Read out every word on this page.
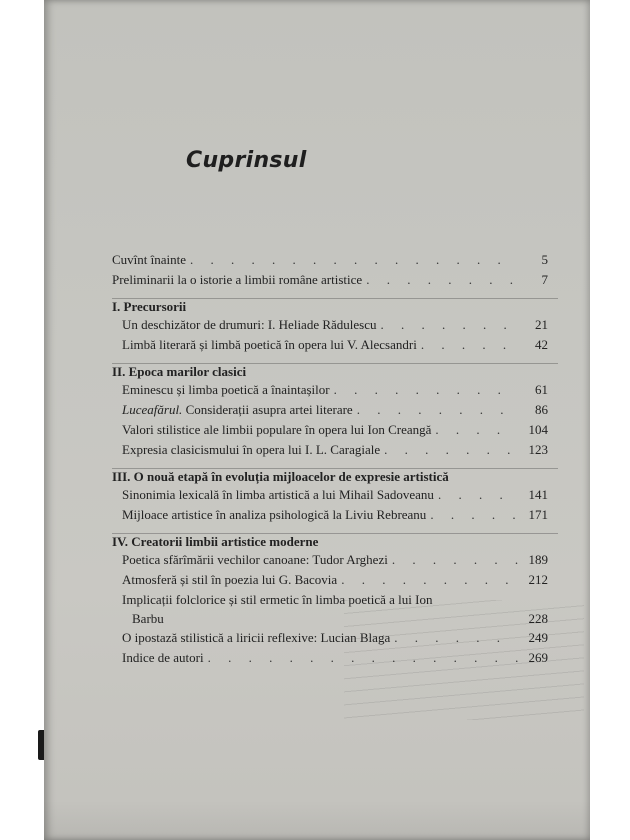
Cuprinsul
Cuvînt înainte . . .	5
Preliminarii la o istorie a limbii române artistice . . .	7
I. Precursorii
Un deschizător de drumuri: I. Heliade Rădulescu . . .	21
Limbă literară și limbă poetică în opera lui V. Alecsandri . . .	42
II. Epoca marilor clasici
Eminescu și limba poetică a înaintașilor . . .	61
Luceafărul. Considerații asupra artei literare . . .	86
Valori stilistice ale limbii populare în opera lui Ion Creangă . . .	104
Expresia clasicismului în opera lui I. L. Caragiale . . .	123
III. O nouă etapă în evoluția mijloacelor de expresie artistică
Sinonimia lexicală în limba artistică a lui Mihail Sadoveanu . . .	141
Mijloace artistice în analiza psihologică la Liviu Rebreanu . . .	171
IV. Creatorii limbii artistice moderne
Poetica sfărîmării vechilor canoane: Tudor Arghezi . . .	189
Atmosferă și stil în poezia lui G. Bacovia . . .	212
Implicații folclorice și stil ermetic în limba poetică a lui Ion
Barbu	228
O ipostază stilistică a liricii reflexive: Lucian Blaga . . .	249
Indice de autori . . .	269
